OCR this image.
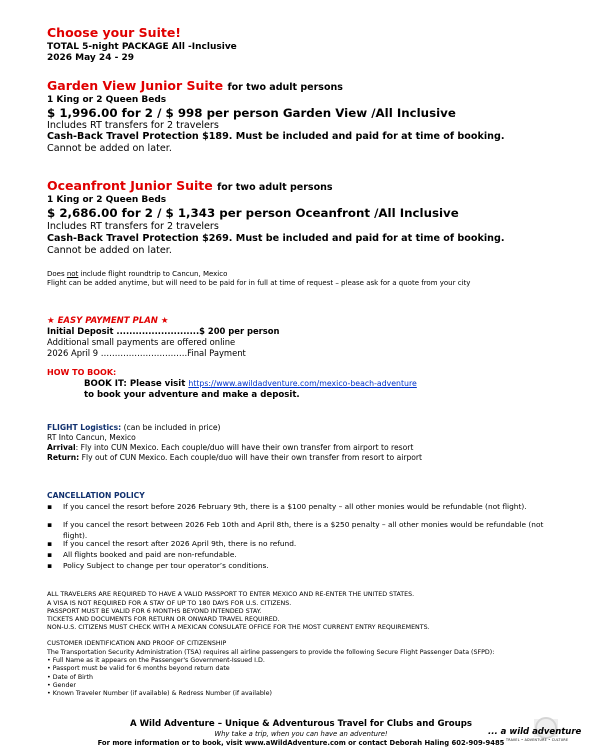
Choose your Suite!
TOTAL 5-night PACKAGE All -Inclusive
2026 May 24 - 29
Garden View Junior Suite for two adult persons
1 King or 2 Queen Beds
$ 1,996.00 for 2 / $ 998 per person Garden View /All Inclusive
Includes RT transfers for 2 travelers
Cash-Back Travel Protection $189. Must be included and paid for at time of booking.
Cannot be added on later.
Oceanfront Junior Suite for two adult persons
1 King or 2 Queen Beds
$ 2,686.00 for 2 / $ 1,343 per person Oceanfront /All Inclusive
Includes RT transfers for 2 travelers
Cash-Back Travel Protection $269. Must be included and paid for at time of booking.
Cannot be added on later.
Does not include flight roundtrip to Cancun, Mexico
Flight can be added anytime, but will need to be paid for in full at time of request – please ask for a quote from your city
★ EASY PAYMENT PLAN ★
Initial Deposit ..........................$ 200 per person
Additional small payments are offered online
2026 April 9 ………………………….Final Payment
HOW TO BOOK:
BOOK IT: Please visit https://www.awildadventure.com/mexico-beach-adventure
to book your adventure and make a deposit.
FLIGHT Logistics: (can be included in price)
RT Into Cancun, Mexico
Arrival: Fly into CUN Mexico. Each couple/duo will have their own transfer from airport to resort
Return: Fly out of CUN Mexico. Each couple/duo will have their own transfer from resort to airport
CANCELLATION POLICY
▪ If you cancel the resort before 2026 February 9th, there is a $100 penalty – all other monies would be refundable (not flight).
▪ If you cancel the resort between 2026 Feb 10th and April 8th, there is a $250 penalty – all other monies would be refundable (not flight).
▪ If you cancel the resort after 2026 April 9th, there is no refund.
▪ All flights booked and paid are non-refundable.
▪ Policy Subject to change per tour operator’s conditions.
ALL TRAVELERS ARE REQUIRED TO HAVE A VALID PASSPORT TO ENTER MEXICO AND RE-ENTER THE UNITED STATES.
A VISA IS NOT REQUIRED FOR A STAY OF UP TO 180 DAYS FOR U.S. CITIZENS.
PASSPORT MUST BE VALID FOR 6 MONTHS BEYOND INTENDED STAY.
TICKETS AND DOCUMENTS FOR RETURN OR ONWARD TRAVEL REQUIRED.
NON-U.S. CITIZENS MUST CHECK WITH A MEXICAN CONSULATE OFFICE FOR THE MOST CURRENT ENTRY REQUIREMENTS.
CUSTOMER IDENTIFICATION AND PROOF OF CITIZENSHIP
The Transportation Security Administration (TSA) requires all airline passengers to provide the following Secure Flight Passenger Data (SFPD):
• Full Name as it appears on the Passenger's Government-Issued I.D.
• Passport must be valid for 6 months beyond return date
• Date of Birth
• Gender
• Known Traveler Number (if available) & Redress Number (if available)
A Wild Adventure – Unique & Adventurous Travel for Clubs and Groups
Why take a trip, when you can have an adventure!
For more information or to book, visit www.aWildAdventure.com or contact Deborah Haling 602-909-9485
... a wild adventure
TRAVEL • ADVENTURE • CULTURE
